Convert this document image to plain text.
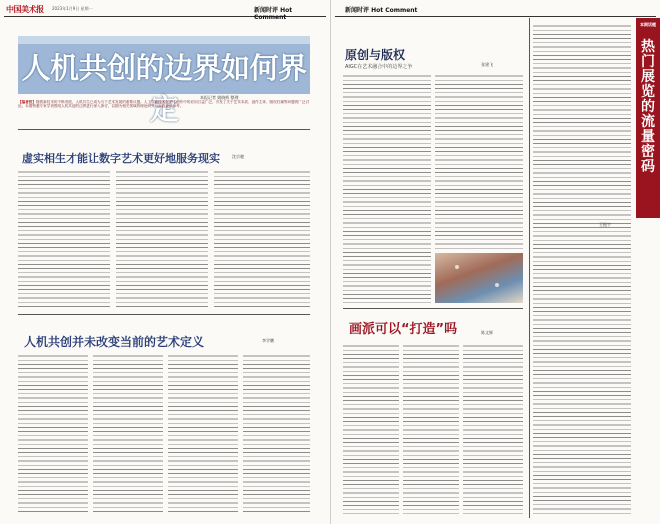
中国美术报 2023年1月9日 星期一	新闻时评 Hot Comment
人机共创的边界如何界定	本报记者 姚晓辉 整理
【编者按】随着新技术的不断发展，人机共生已成为当下艺术发展的重要议题。人工智能技术在艺术创作中的应用日益广泛，引发了关于艺术本质、创作主体、版权归属等问题的广泛讨论。本期特邀专家学者围绕人机共创的边界进行深入探讨，以期为相关领域的理论研究与实践提供参考。
虚实相生才能让数字艺术更好地服务现实	沈宗骢
人机共创并未改变当前的艺术定义	李学鹏
新闻时评 Hot Comment
原创与版权
AIGC在艺术融合中的边界之争	张建飞
画派可以“打造”吗	陈文辉
本期话题
热门展览的流量密码
王振宇
